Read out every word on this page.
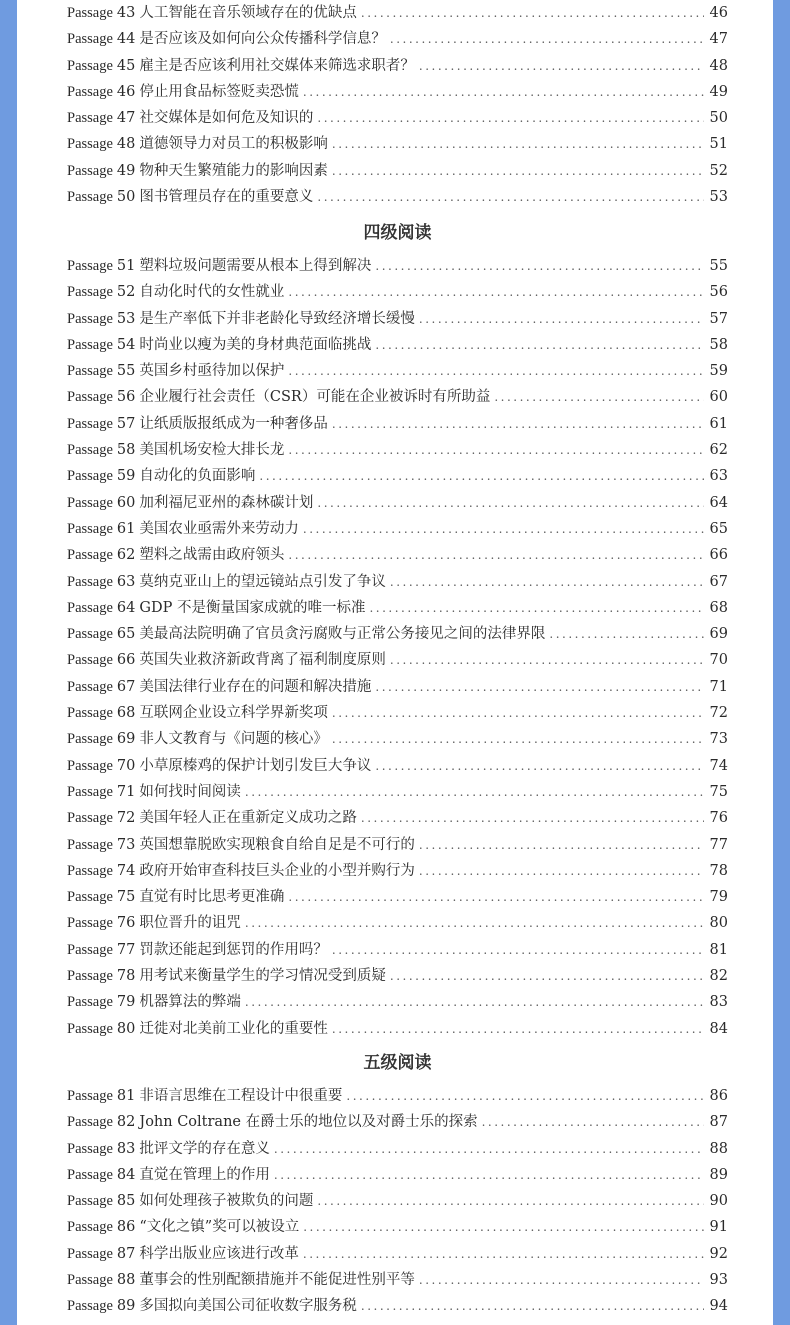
Passage 43 人工智能在音乐领域存在的优缺点 .....	46
Passage 44 是否应该及如何向公众传播科学信息？ .....	47
Passage 45 雇主是否应该利用社交媒体来筛选求职者？ .....	48
Passage 46 停止用食品标签贬卖恐慌 .....	49
Passage 47 社交媒体是如何危及知识的 .....	50
Passage 48 道德领导力对员工的积极影响 .....	51
Passage 49 物种天生繁殖能力的影响因素 .....	52
Passage 50 图书管理员存在的重要意义 .....	53
四级阅读
Passage 51 塑料垃圾问题需要从根本上得到解决 .....	55
Passage 52 自动化时代的女性就业 .....	56
Passage 53 是生产率低下并非老龄化导致经济增长缓慢 .....	57
Passage 54 时尚业以瘦为美的身材典范面临挑战 .....	58
Passage 55 英国乡村亟待加以保护 .....	59
Passage 56 企业履行社会责任（CSR）可能在企业被诉时有所助益 .....	60
Passage 57 让纸质版报纸成为一种奢侈品 .....	61
Passage 58 美国机场安检大排长龙 .....	62
Passage 59 自动化的负面影响 .....	63
Passage 60 加利福尼亚州的森林碳计划 .....	64
Passage 61 美国农业亟需外来劳动力 .....	65
Passage 62 塑料之战需由政府领头 .....	66
Passage 63 莫纳克亚山上的望远镜站点引发了争议 .....	67
Passage 64 GDP 不是衡量国家成就的唯一标准 .....	68
Passage 65 美最高法院明确了官员贪污腐败与正常公务接见之间的法律界限 .....	69
Passage 66 英国失业救济新政背离了福利制度原则 .....	70
Passage 67 美国法律行业存在的问题和解决措施 .....	71
Passage 68 互联网企业设立科学界新奖项 .....	72
Passage 69 非人文教育与《问题的核心》 .....	73
Passage 70 小草原榛鸡的保护计划引发巨大争议 .....	74
Passage 71 如何找时间阅读 .....	75
Passage 72 美国年轻人正在重新定义成功之路 .....	76
Passage 73 英国想靠脱欧实现粮食自给自足是不可行的 .....	77
Passage 74 政府开始审查科技巨头企业的小型并购行为 .....	78
Passage 75 直觉有时比思考更准确 .....	79
Passage 76 职位晋升的诅咒 .....	80
Passage 77 罚款还能起到惩罚的作用吗？ .....	81
Passage 78 用考试来衡量学生的学习情况受到质疑 .....	82
Passage 79 机器算法的弊端 .....	83
Passage 80 迁徙对北美前工业化的重要性 .....	84
五级阅读
Passage 81 非语言思维在工程设计中很重要 .....	86
Passage 82 John Coltrane 在爵士乐的地位以及对爵士乐的探索 .....	87
Passage 83 批评文学的存在意义 .....	88
Passage 84 直觉在管理上的作用 .....	89
Passage 85 如何处理孩子被欺负的问题 .....	90
Passage 86 “文化之镇”奖可以被设立 .....	91
Passage 87 科学出版业应该进行改革 .....	92
Passage 88 董事会的性别配额措施并不能促进性别平等 .....	93
Passage 89 多国拟向美国公司征收数字服务税 .....	94
